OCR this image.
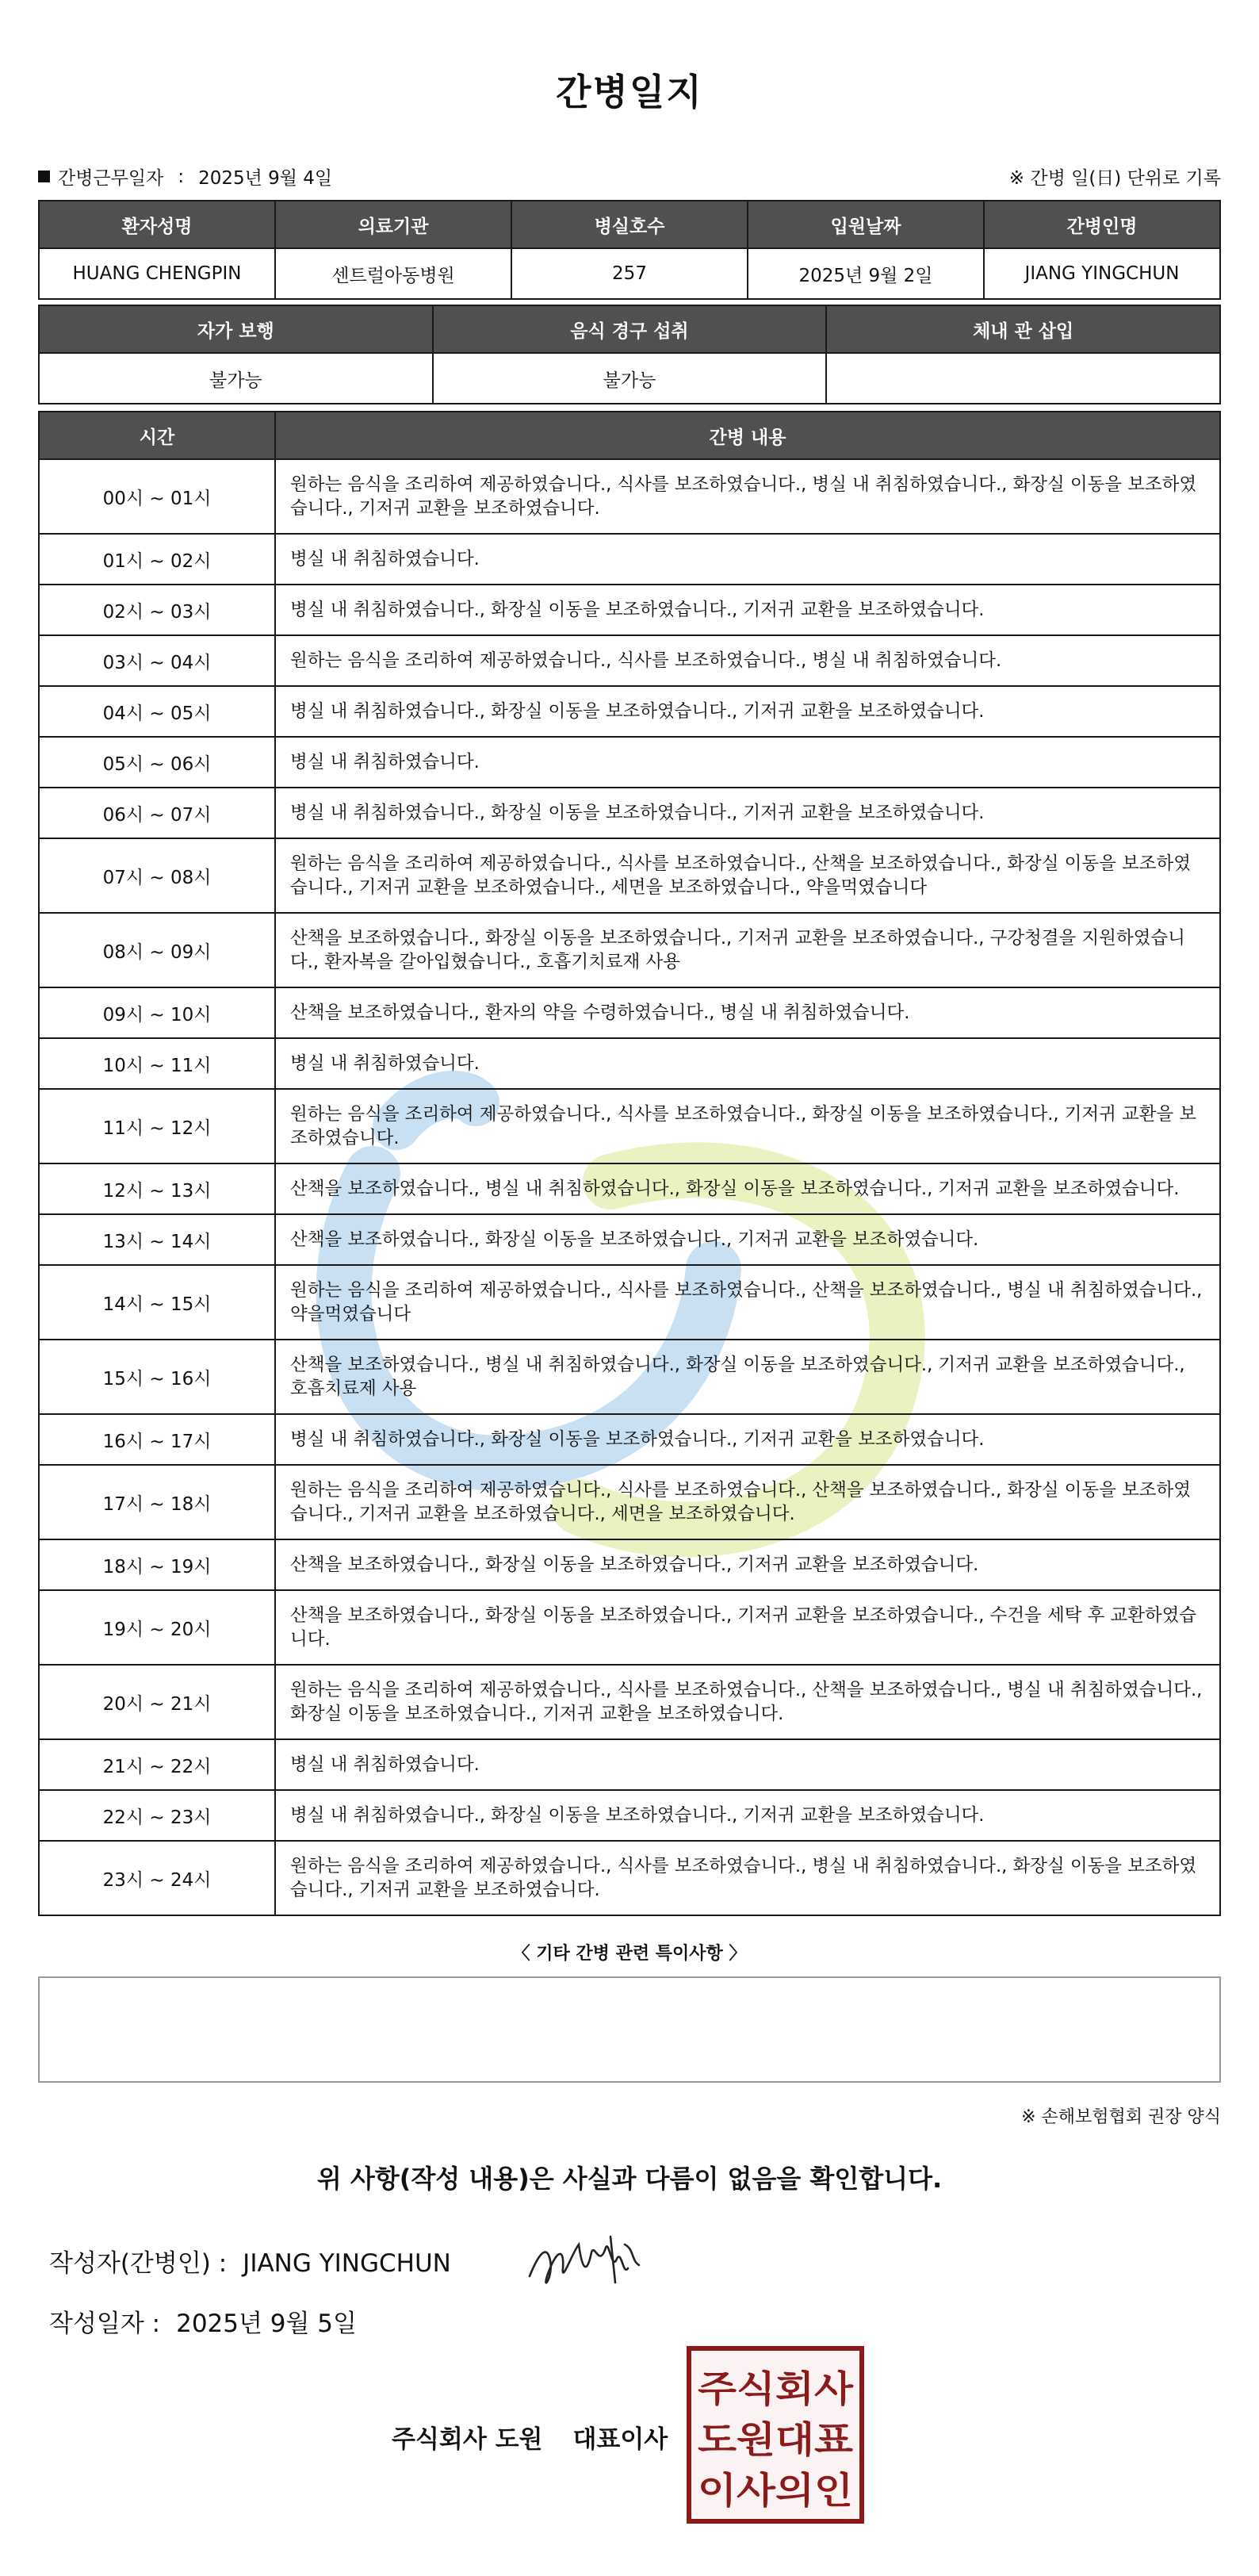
간병일지
간병근무일자 : 2025년 9월 4일	※ 간병 일(日) 단위로 기록
환자성명	의료기관	병실호수	입원날짜	간병인명
HUANG CHENGPIN	센트럴아동병원	257	2025년 9월 2일	JIANG YINGCHUN
자가 보행	음식 경구 섭취	체내 관 삽입
불가능	불가능	
시간	간병 내용
00시 ~ 01시	원하는 음식을 조리하여 제공하였습니다., 식사를 보조하였습니다., 병실 내 취침하였습니다., 화장실 이동을 보조하였습니다., 기저귀 교환을 보조하였습니다.
01시 ~ 02시	병실 내 취침하였습니다.
02시 ~ 03시	병실 내 취침하였습니다., 화장실 이동을 보조하였습니다., 기저귀 교환을 보조하였습니다.
03시 ~ 04시	원하는 음식을 조리하여 제공하였습니다., 식사를 보조하였습니다., 병실 내 취침하였습니다.
04시 ~ 05시	병실 내 취침하였습니다., 화장실 이동을 보조하였습니다., 기저귀 교환을 보조하였습니다.
05시 ~ 06시	병실 내 취침하였습니다.
06시 ~ 07시	병실 내 취침하였습니다., 화장실 이동을 보조하였습니다., 기저귀 교환을 보조하였습니다.
07시 ~ 08시	원하는 음식을 조리하여 제공하였습니다., 식사를 보조하였습니다., 산책을 보조하였습니다., 화장실 이동을 보조하였습니다., 기저귀 교환을 보조하였습니다., 세면을 보조하였습니다., 약을먹였습니다
08시 ~ 09시	산책을 보조하였습니다., 화장실 이동을 보조하였습니다., 기저귀 교환을 보조하였습니다., 구강청결을 지원하였습니다., 환자복을 갈아입혔습니다., 호흡기치료재 사용
09시 ~ 10시	산책을 보조하였습니다., 환자의 약을 수령하였습니다., 병실 내 취침하였습니다.
10시 ~ 11시	병실 내 취침하였습니다.
11시 ~ 12시	원하는 음식을 조리하여 제공하였습니다., 식사를 보조하였습니다., 화장실 이동을 보조하였습니다., 기저귀 교환을 보조하였습니다.
12시 ~ 13시	산책을 보조하였습니다., 병실 내 취침하였습니다., 화장실 이동을 보조하였습니다., 기저귀 교환을 보조하였습니다.
13시 ~ 14시	산책을 보조하였습니다., 화장실 이동을 보조하였습니다., 기저귀 교환을 보조하였습니다.
14시 ~ 15시	원하는 음식을 조리하여 제공하였습니다., 식사를 보조하였습니다., 산책을 보조하였습니다., 병실 내 취침하였습니다., 약을먹였습니다
15시 ~ 16시	산책을 보조하였습니다., 병실 내 취침하였습니다., 화장실 이동을 보조하였습니다., 기저귀 교환을 보조하였습니다., 호흡치료제 사용
16시 ~ 17시	병실 내 취침하였습니다., 화장실 이동을 보조하였습니다., 기저귀 교환을 보조하였습니다.
17시 ~ 18시	원하는 음식을 조리하여 제공하였습니다., 식사를 보조하였습니다., 산책을 보조하였습니다., 화장실 이동을 보조하였습니다., 기저귀 교환을 보조하였습니다., 세면을 보조하였습니다.
18시 ~ 19시	산책을 보조하였습니다., 화장실 이동을 보조하였습니다., 기저귀 교환을 보조하였습니다.
19시 ~ 20시	산책을 보조하였습니다., 화장실 이동을 보조하였습니다., 기저귀 교환을 보조하였습니다., 수건을 세탁 후 교환하였습니다.
20시 ~ 21시	원하는 음식을 조리하여 제공하였습니다., 식사를 보조하였습니다., 산책을 보조하였습니다., 병실 내 취침하였습니다., 화장실 이동을 보조하였습니다., 기저귀 교환을 보조하였습니다.
21시 ~ 22시	병실 내 취침하였습니다.
22시 ~ 23시	병실 내 취침하였습니다., 화장실 이동을 보조하였습니다., 기저귀 교환을 보조하였습니다.
23시 ~ 24시	원하는 음식을 조리하여 제공하였습니다., 식사를 보조하였습니다., 병실 내 취침하였습니다., 화장실 이동을 보조하였습니다., 기저귀 교환을 보조하였습니다.
〈 기타 간병 관련 특이사항 〉
※ 손해보험협회 권장 양식
위 사항(작성 내용)은 사실과 다름이 없음을 확인합니다.
작성자(간병인) : JIANG YINGCHUN
작성일자 : 2025년 9월 5일
주식회사 도원 대표이사
주식회사
도원대표
이사의인
